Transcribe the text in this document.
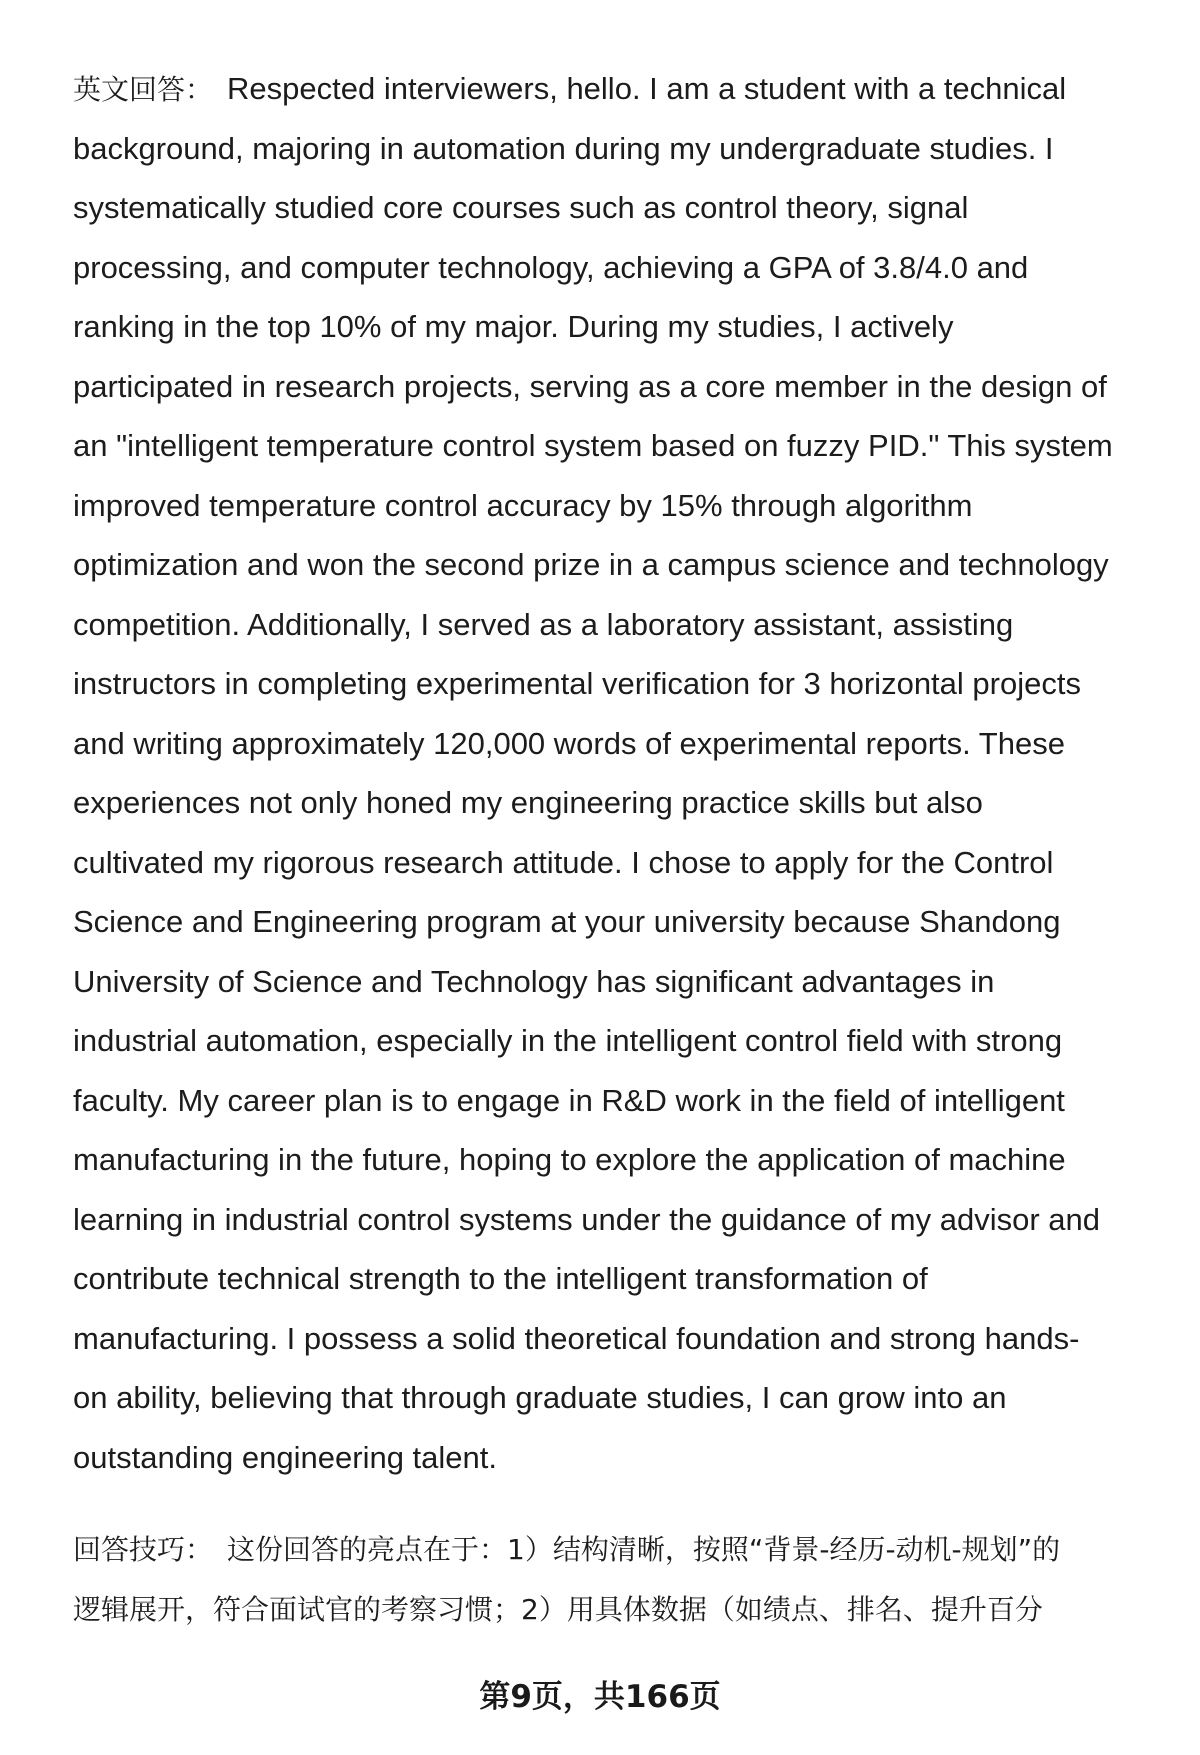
英文回答： Respected interviewers, hello. I am a student with a technical
background, majoring in automation during my undergraduate studies. I
systematically studied core courses such as control theory, signal
processing, and computer technology, achieving a GPA of 3.8/4.0 and
ranking in the top 10% of my major. During my studies, I actively
participated in research projects, serving as a core member in the design of
an "intelligent temperature control system based on fuzzy PID." This system
improved temperature control accuracy by 15% through algorithm
optimization and won the second prize in a campus science and technology
competition. Additionally, I served as a laboratory assistant, assisting
instructors in completing experimental verification for 3 horizontal projects
and writing approximately 120,000 words of experimental reports. These
experiences not only honed my engineering practice skills but also
cultivated my rigorous research attitude. I chose to apply for the Control
Science and Engineering program at your university because Shandong
University of Science and Technology has significant advantages in
industrial automation, especially in the intelligent control field with strong
faculty. My career plan is to engage in R&D work in the field of intelligent
manufacturing in the future, hoping to explore the application of machine
learning in industrial control systems under the guidance of my advisor and
contribute technical strength to the intelligent transformation of
manufacturing. I possess a solid theoretical foundation and strong hands-
on ability, believing that through graduate studies, I can grow into an
outstanding engineering talent.
回答技巧： 这份回答的亮点在于：1）结构清晰，按照“背景-经历-动机-规划”的
逻辑展开，符合面试官的考察习惯；2）用具体数据（如绩点、排名、提升百分
第9页，共166页
